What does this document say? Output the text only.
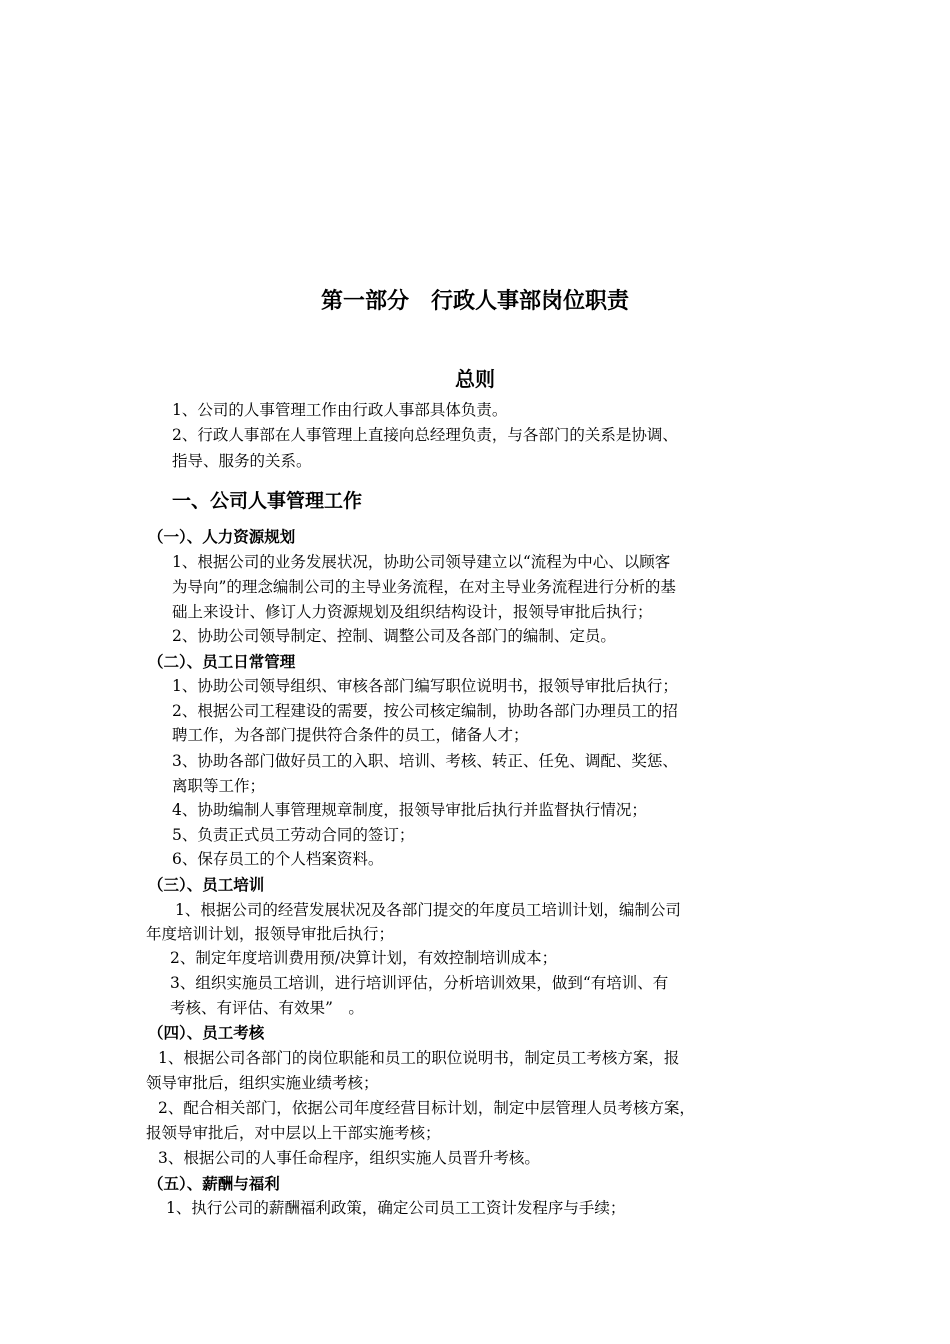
第一部分　行政人事部岗位职责
总则
1、公司的人事管理工作由行政人事部具体负责。
2、行政人事部在人事管理上直接向总经理负责，与各部门的关系是协调、
指导、服务的关系。
一、公司人事管理工作
（一）、人力资源规划
1、根据公司的业务发展状况，协助公司领导建立以“流程为中心、以顾客
为导向”的理念编制公司的主导业务流程，在对主导业务流程进行分析的基
础上来设计、修订人力资源规划及组织结构设计，报领导审批后执行；
2、协助公司领导制定、控制、调整公司及各部门的编制、定员。
（二）、员工日常管理
1、协助公司领导组织、审核各部门编写职位说明书，报领导审批后执行；
2、根据公司工程建设的需要，按公司核定编制，协助各部门办理员工的招
聘工作，为各部门提供符合条件的员工，储备人才；
3、协助各部门做好员工的入职、培训、考核、转正、任免、调配、奖惩、
离职等工作；
4、协助编制人事管理规章制度，报领导审批后执行并监督执行情况；
5、负责正式员工劳动合同的签订；
6、保存员工的个人档案资料。
（三）、员工培训
1、根据公司的经营发展状况及各部门提交的年度员工培训计划，编制公司
年度培训计划，报领导审批后执行；
2、制定年度培训费用预/决算计划，有效控制培训成本；
3、组织实施员工培训，进行培训评估，分析培训效果，做到“有培训、有
考核、有评估、有效果”　。
（四）、员工考核
1、根据公司各部门的岗位职能和员工的职位说明书，制定员工考核方案，报
领导审批后，组织实施业绩考核；
2、配合相关部门，依据公司年度经营目标计划，制定中层管理人员考核方案，
报领导审批后，对中层以上干部实施考核；
3、根据公司的人事任命程序，组织实施人员晋升考核。
（五）、薪酬与福利
1、执行公司的薪酬福利政策，确定公司员工工资计发程序与手续；
